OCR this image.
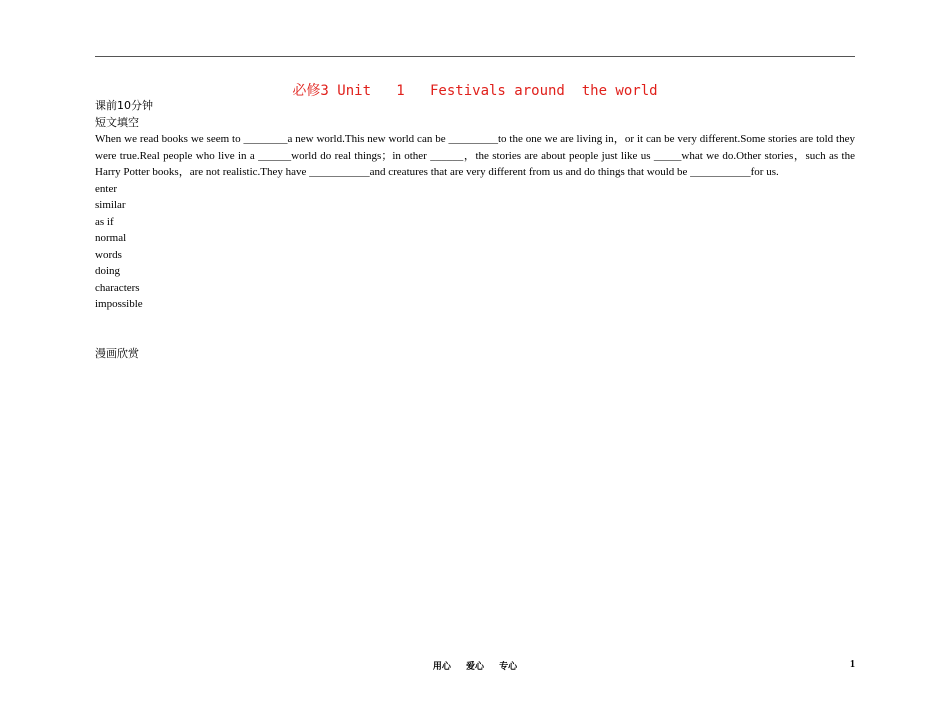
必修3 Unit   1   Festivals around  the world
课前10分钟
短文填空
When we read books we seem to ________a new world.This new world can be _________to the one we are living in，or it can be very different.Some stories are told they were true.Real people who live in a ______world do real things；in other ______，the stories are about people just like us _____what we do.Other stories，such as the Harry Potter books，are not realistic.They have ___________and creatures that are very different from us and do things that would be ___________for us.
enter
similar
as if
normal
words
doing
characters
impossible
漫画欣赏
用心 爱心 专心	1
